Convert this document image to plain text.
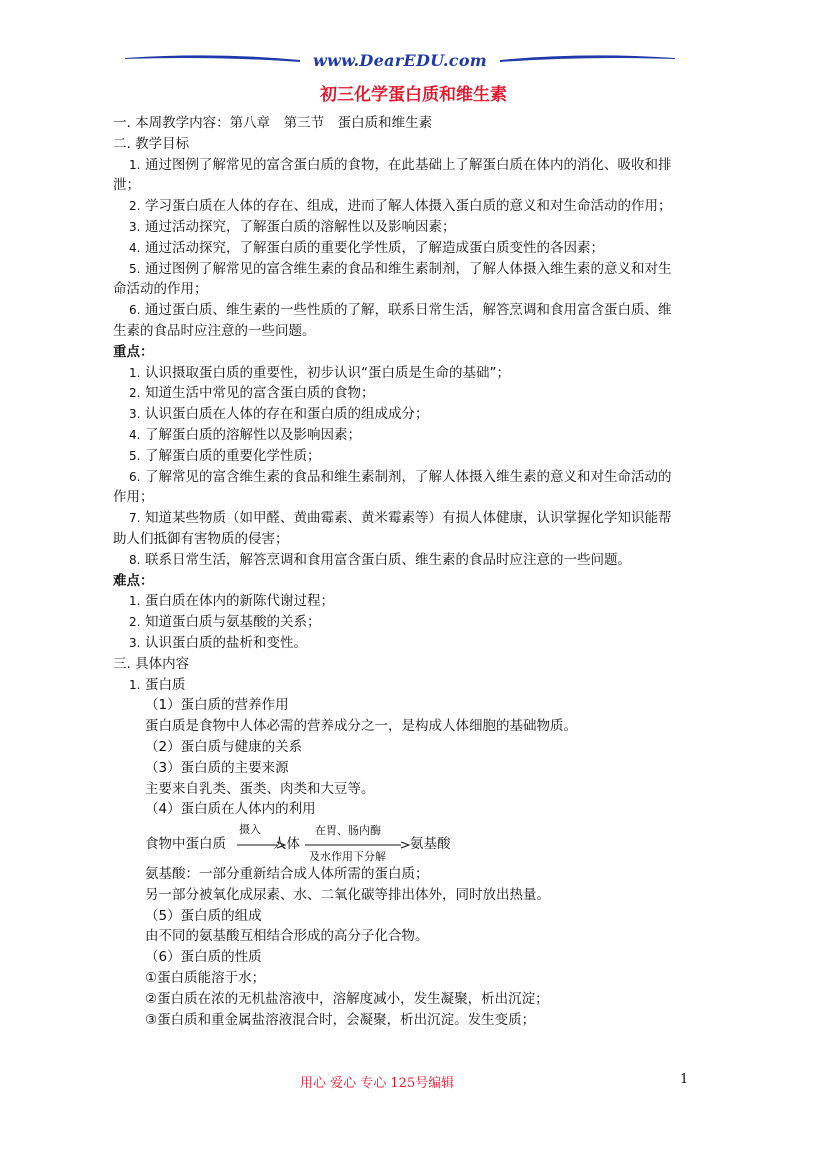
www.DearEDU.com
初三化学蛋白质和维生素
一. 本周教学内容：第八章　第三节　蛋白质和维生素
二. 教学目标
1. 通过图例了解常见的富含蛋白质的食物，在此基础上了解蛋白质在体内的消化、吸收和排
泄；
2. 学习蛋白质在人体的存在、组成，进而了解人体摄入蛋白质的意义和对生命活动的作用；
3. 通过活动探究，了解蛋白质的溶解性以及影响因素；
4. 通过活动探究，了解蛋白质的重要化学性质，了解造成蛋白质变性的各因素；
5. 通过图例了解常见的富含维生素的食品和维生素制剂，了解人体摄入维生素的意义和对生
命活动的作用；
6. 通过蛋白质、维生素的一些性质的了解，联系日常生活，解答烹调和食用富含蛋白质、维
生素的食品时应注意的一些问题。
重点：
1. 认识摄取蛋白质的重要性，初步认识“蛋白质是生命的基础”；
2. 知道生活中常见的富含蛋白质的食物；
3. 认识蛋白质在人体的存在和蛋白质的组成成分；
4. 了解蛋白质的溶解性以及影响因素；
5. 了解蛋白质的重要化学性质；
6. 了解常见的富含维生素的食品和维生素制剂，了解人体摄入维生素的意义和对生命活动的
作用；
7. 知道某些物质（如甲醛、黄曲霉素、黄米霉素等）有损人体健康，认识掌握化学知识能帮
助人们抵御有害物质的侵害；
8. 联系日常生活，解答烹调和食用富含蛋白质、维生素的食品时应注意的一些问题。
难点：
1. 蛋白质在体内的新陈代谢过程；
2. 知道蛋白质与氨基酸的关系；
3. 认识蛋白质的盐析和变性。
三. 具体内容
1. 蛋白质
（1）蛋白质的营养作用
蛋白质是食物中人体必需的营养成分之一，是构成人体细胞的基础物质。
（2）蛋白质与健康的关系
（3）蛋白质的主要来源
主要来自乳类、蛋类、肉类和大豆等。
（4）蛋白质在人体内的利用
食物中蛋白质
摄入
人体
在胃、肠内酶
及水作用下分解
氨基酸
氨基酸：一部分重新结合成人体所需的蛋白质；
另一部分被氧化成尿素、水、二氧化碳等排出体外，同时放出热量。
（5）蛋白质的组成
由不同的氨基酸互相结合形成的高分子化合物。
（6）蛋白质的性质
①蛋白质能溶于水；
②蛋白质在浓的无机盐溶液中，溶解度减小，发生凝聚，析出沉淀；
③蛋白质和重金属盐溶液混合时，会凝聚，析出沉淀。发生变质；
用心 爱心 专心 125号编辑	1
